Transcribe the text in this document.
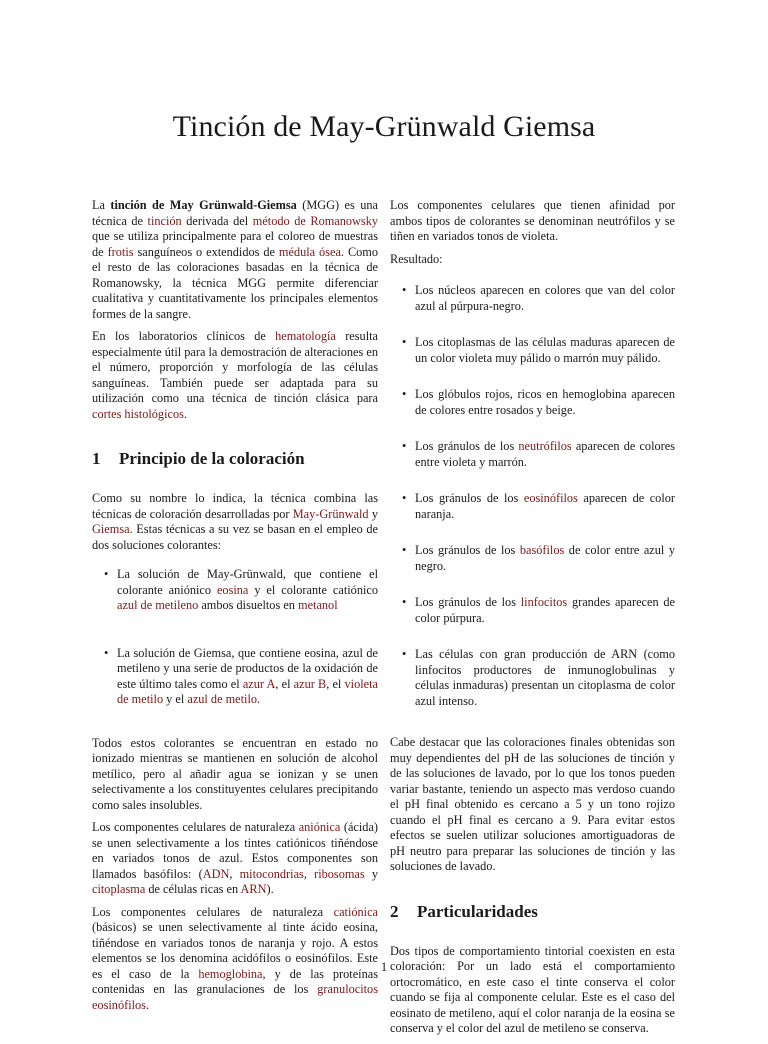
Tinción de May-Grünwald Giemsa

La tinción de May Grünwald-Giemsa (MGG) es una técnica de tinción derivada del método de Romanowsky que se utiliza principalmente para el coloreo de muestras de frotis sanguíneos o extendidos de médula ósea. Como el resto de las coloraciones basadas en la técnica de Romanowsky, la técnica MGG permite diferenciar cualitativa y cuantitativamente los principales elementos formes de la sangre.

En los laboratorios clínicos de hematología resulta especialmente útil para la demostración de alteraciones en el número, proporción y morfología de las células sanguíneas. También puede ser adaptada para su utilización como una técnica de tinción clásica para cortes histológicos.

1 Principio de la coloración

Como su nombre lo indica, la técnica combina las técnicas de coloración desarrolladas por May-Grünwald y Giemsa. Estas técnicas a su vez se basan en el empleo de dos soluciones colorantes:

• La solución de May-Grünwald, que contiene el colorante aniónico eosina y el colorante catiónico azul de metileno ambos disueltos en metanol
• La solución de Giemsa, que contiene eosina, azul de metileno y una serie de productos de la oxidación de este último tales como el azur A, el azur B, el violeta de metilo y el azul de metilo.

Todos estos colorantes se encuentran en estado no ionizado mientras se mantienen en solución de alcohol metílico, pero al añadir agua se ionizan y se unen selectivamente a los constituyentes celulares precipitando como sales insolubles.

Los componentes celulares de naturaleza aniónica (ácida) se unen selectivamente a los tintes catiónicos tiñéndose en variados tonos de azul. Estos componentes son llamados basófilos: (ADN, mitocondrias, ribosomas y citoplasma de células ricas en ARN).

Los componentes celulares de naturaleza catiónica (básicos) se unen selectivamente al tinte ácido eosina, tiñéndose en variados tonos de naranja y rojo. A estos elementos se los denomina acidófilos o eosinófilos. Este es el caso de la hemoglobina, y de las proteínas contenidas en las granulaciones de los granulocitos eosinófilos.

Los componentes celulares que tienen afinidad por ambos tipos de colorantes se denominan neutrófilos y se tiñen en variados tonos de violeta.

Resultado:

• Los núcleos aparecen en colores que van del color azul al púrpura-negro.
• Los citoplasmas de las células maduras aparecen de un color violeta muy pálido o marrón muy pálido.
• Los glóbulos rojos, ricos en hemoglobina aparecen de colores entre rosados y beige.
• Los gránulos de los neutrófilos aparecen de colores entre violeta y marrón.
• Los gránulos de los eosinófilos aparecen de color naranja.
• Los gránulos de los basófilos de color entre azul y negro.
• Los gránulos de los linfocitos grandes aparecen de color púrpura.
• Las células con gran producción de ARN (como linfocitos productores de inmunoglobulinas y células inmaduras) presentan un citoplasma de color azul intenso.

Cabe destacar que las coloraciones finales obtenidas son muy dependientes del pH de las soluciones de tinción y de las soluciones de lavado, por lo que los tonos pueden variar bastante, teniendo un aspecto mas verdoso cuando el pH final obtenido es cercano a 5 y un tono rojizo cuando el pH final es cercano a 9. Para evitar estos efectos se suelen utilizar soluciones amortiguadoras de pH neutro para preparar las soluciones de tinción y las soluciones de lavado.

2 Particularidades

Dos tipos de comportamiento tintorial coexisten en esta coloración: Por un lado está el comportamiento ortocromático, en este caso el tinte conserva el color cuando se fija al componente celular. Este es el caso del eosinato de metileno, aquí el color naranja de la eosina se conserva y el color del azul de metileno se conserva.

1
